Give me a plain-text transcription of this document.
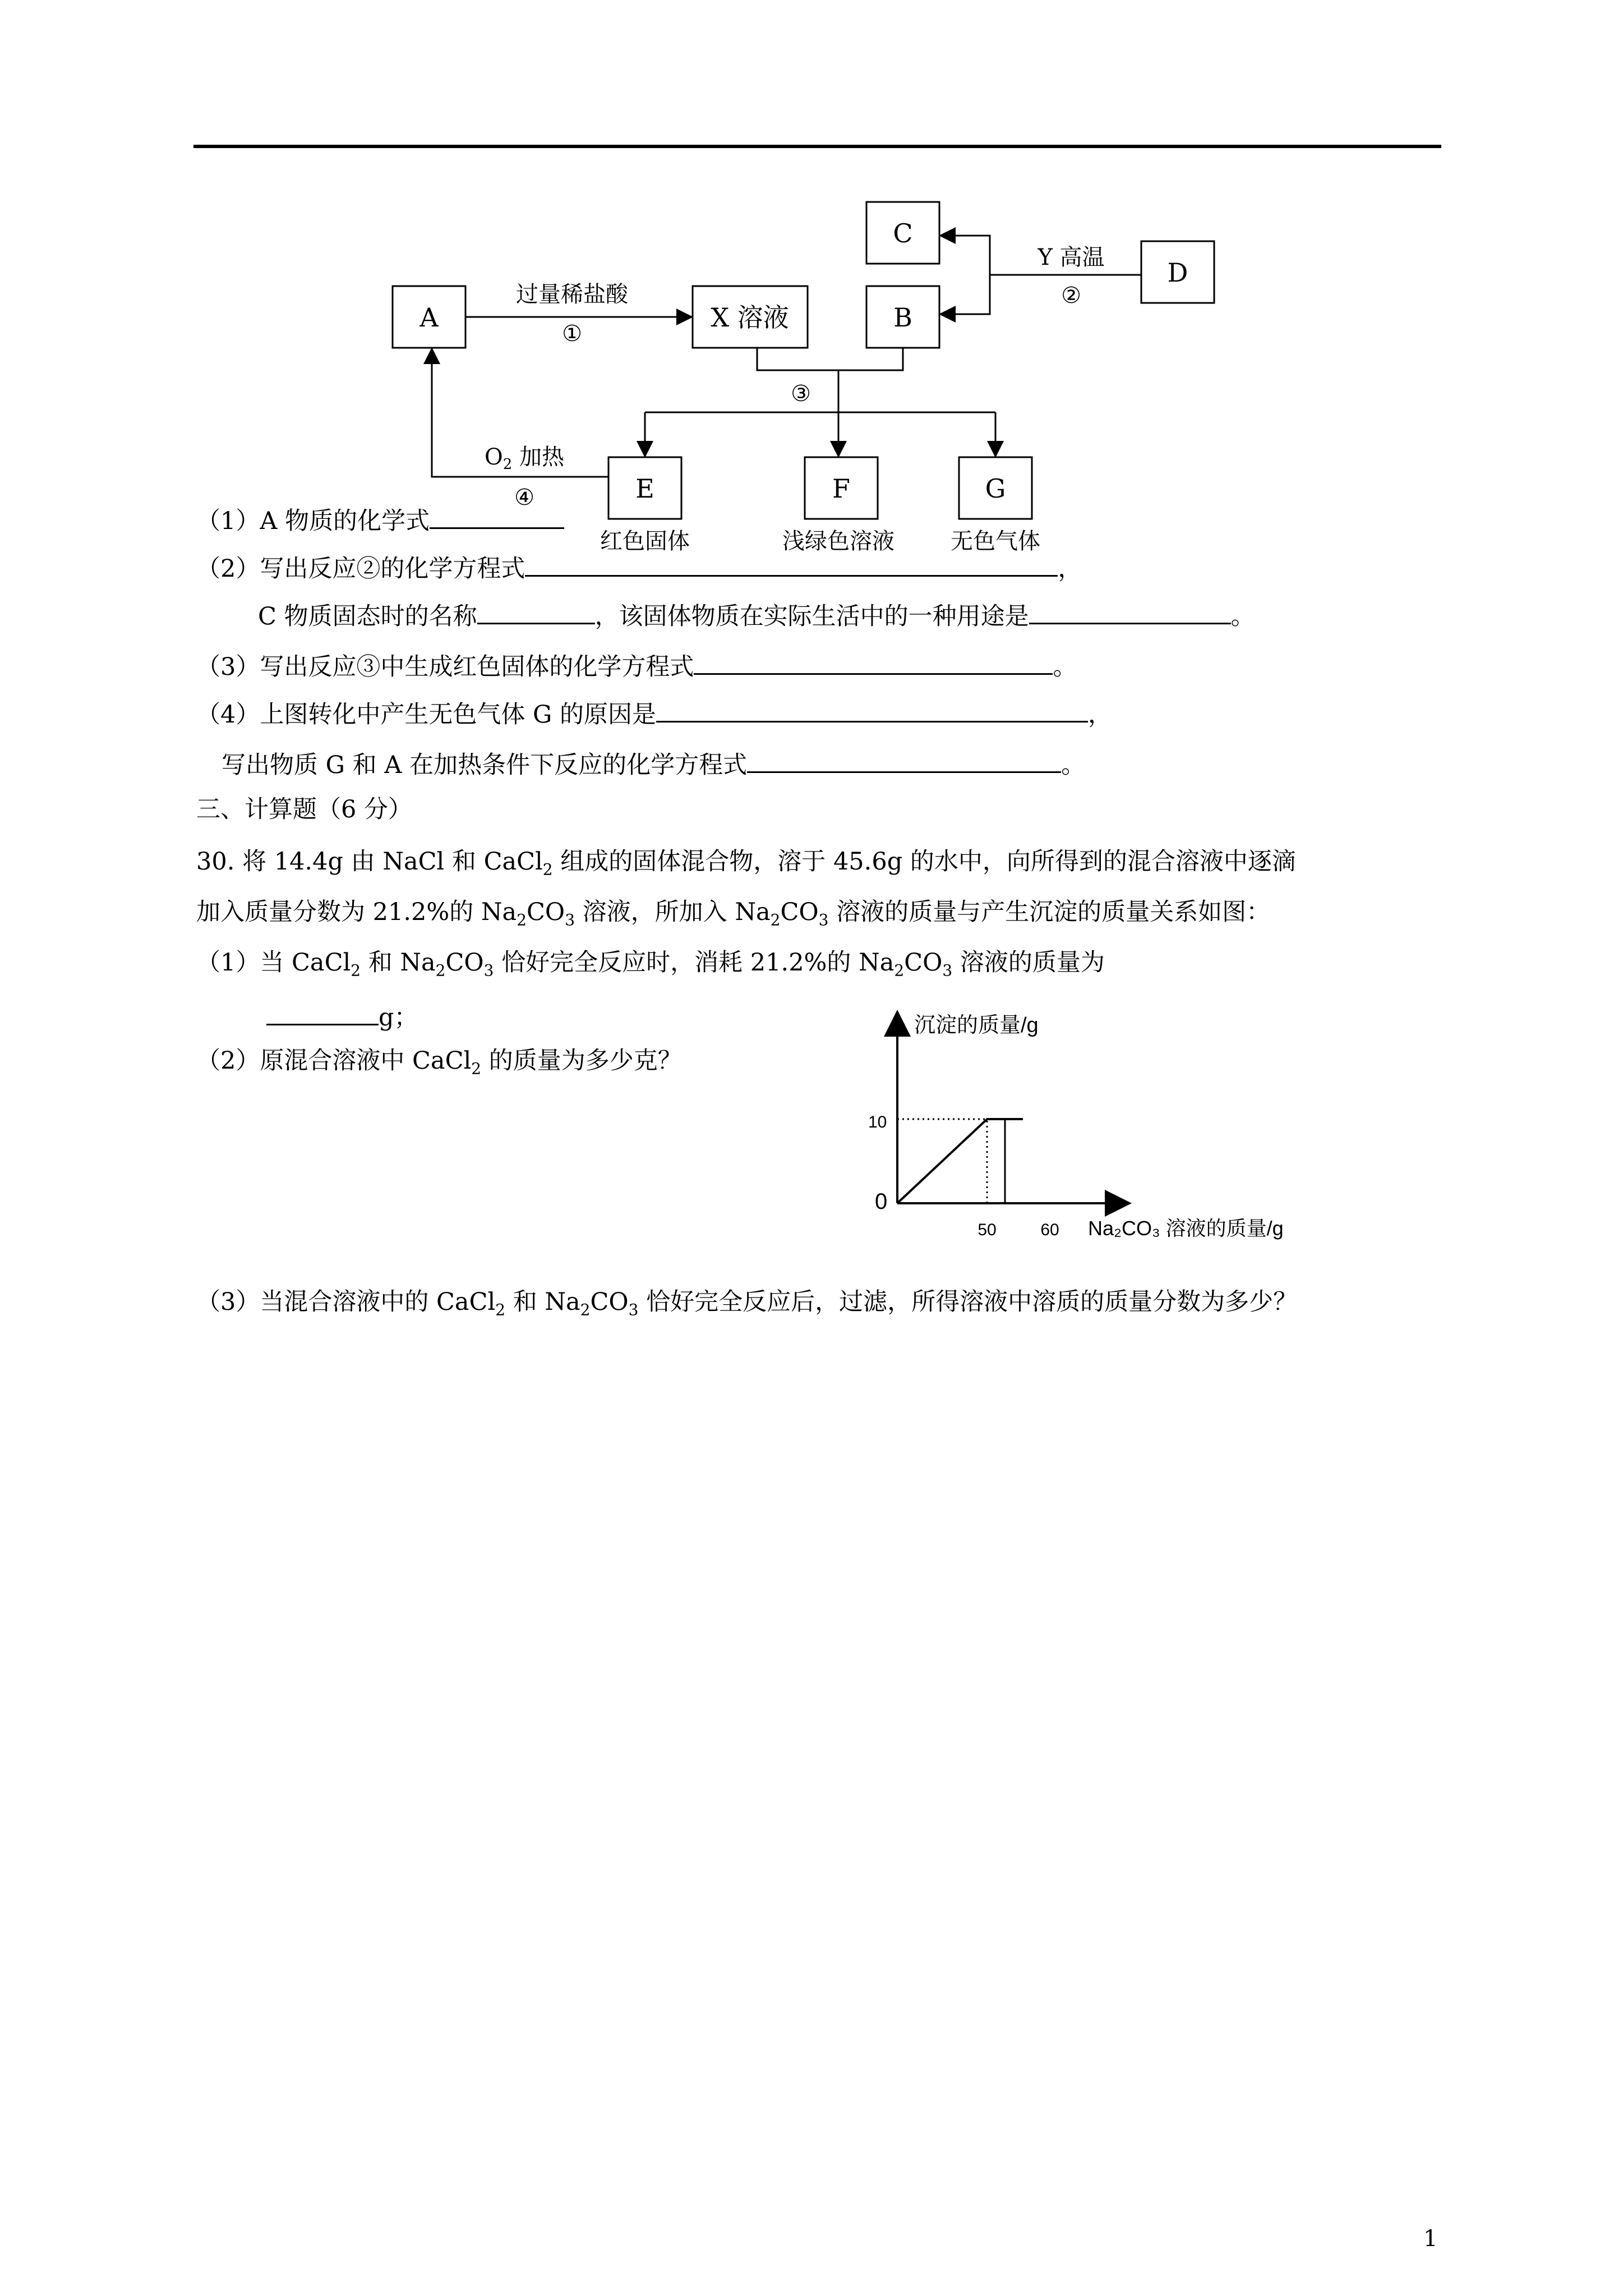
A	X 溶液	B
C
D
E	F	G
过量稀盐酸
①
Y 高温
②
③
$O_2$ 加热
④
红色固体	浅绿色溶液	无色气体
（1）A 物质的化学式
（2）写出反应②的化学方程式	，
C 物质固态时的名称	，该固体物质在实际生活中的一种用途是	。
（3）写出反应③中生成红色固体的化学方程式	。
（4）上图转化中产生无色气体 G 的原因是	，
写出物质 G 和 A 在加热条件下反应的化学方程式	。
三、计算题（6 分）
30. 将 14.4g 由 NaCl 和 CaCl$_2$ 组成的固体混合物，溶于 45.6g 的水中，向所得到的混合溶液中逐滴
加入质量分数为 21.2%的 $Na_2CO_3$ 溶液，所加入 $Na_2CO_3$ 溶液的质量与产生沉淀的质量关系如图：
（1）当 CaCl$_2$ 和 $Na_2CO_3$ 恰好完全反应时，消耗 21.2%的 $Na_2CO_3$ 溶液的质量为
g；
（2）原混合溶液中 CaCl$_2$ 的质量为多少克？
沉淀的质量/g
0
10
50	60 Na₂CO₃ 溶液的质量/g
（3）当混合溶液中的 CaCl$_2$ 和 $Na_2CO_3$ 恰好完全反应后，过滤，所得溶液中溶质的质量分数为多少？
1
